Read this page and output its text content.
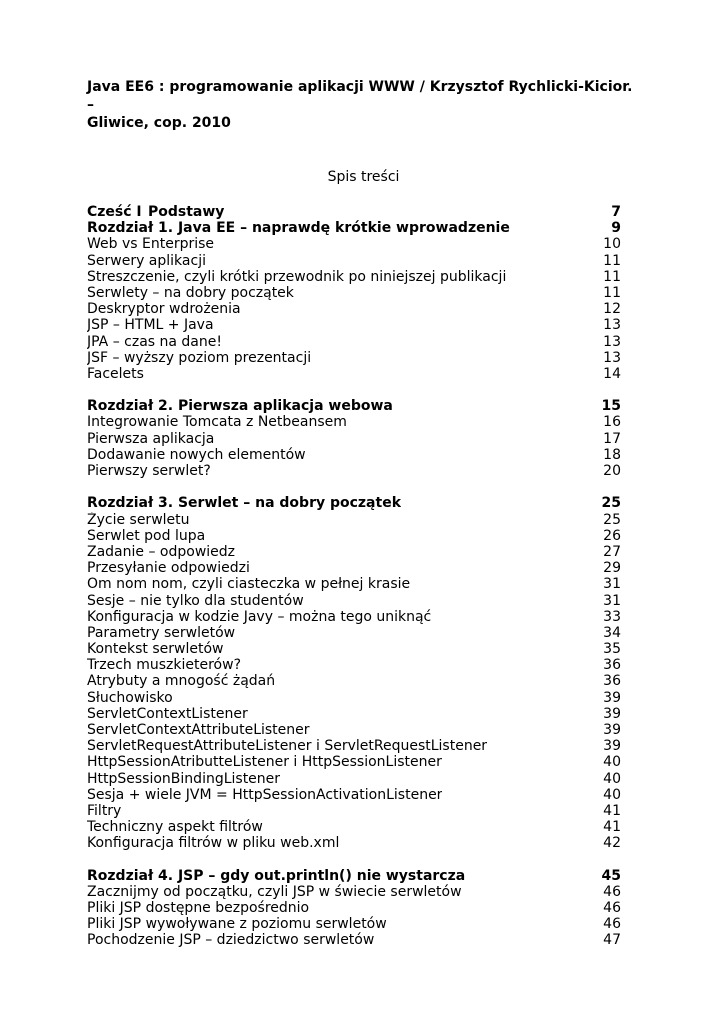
Java EE6 : programowanie aplikacji WWW / Krzysztof Rychlicki-Kicior. –
Gliwice, cop. 2010

Spis treści
Cześć I Podstawy	7
Rozdział 1. Java EE – naprawdę krótkie wprowadzenie	9
Web vs Enterprise	10
Serwery aplikacji	11
Streszczenie, czyli krótki przewodnik po niniejszej publikacji	11
Serwlety – na dobry początek	11
Deskryptor wdrożenia	12
JSP – HTML + Java	13
JPA – czas na dane!	13
JSF – wyższy poziom prezentacji	13
Facelets	14
Rozdział 2. Pierwsza aplikacja webowa	15
Integrowanie Tomcata z Netbeansem	16
Pierwsza aplikacja	17
Dodawanie nowych elementów	18
Pierwszy serwlet?	20
Rozdział 3. Serwlet – na dobry początek	25
Życie serwletu	25
Serwlet pod lupa	26
Zadanie – odpowiedz	27
Przesyłanie odpowiedzi	29
Om nom nom, czyli ciasteczka w pełnej krasie	31
Sesje – nie tylko dla studentów	31
Konfiguracja w kodzie Javy – można tego uniknąć	33
Parametry serwletów	34
Kontekst serwletów	35
Trzech muszkieterów?	36
Atrybuty a mnogość żądań	36
Słuchowisko	39
ServletContextListener	39
ServletContextAttributeListener	39
ServletRequestAttributeListener i ServletRequestListener	39
HttpSessionAtributteListener i HttpSessionListener	40
HttpSessionBindingListener	40
Sesja + wiele JVM = HttpSessionActivationListener	40
Filtry	41
Techniczny aspekt filtrów	41
Konfiguracja filtrów w pliku web.xml	42
Rozdział 4. JSP – gdy out.println() nie wystarcza	45
Zacznijmy od początku, czyli JSP w świecie serwletów	46
Pliki JSP dostępne bezpośrednio	46
Pliki JSP wywoływane z poziomu serwletów	46
Pochodzenie JSP – dziedzictwo serwletów	47
